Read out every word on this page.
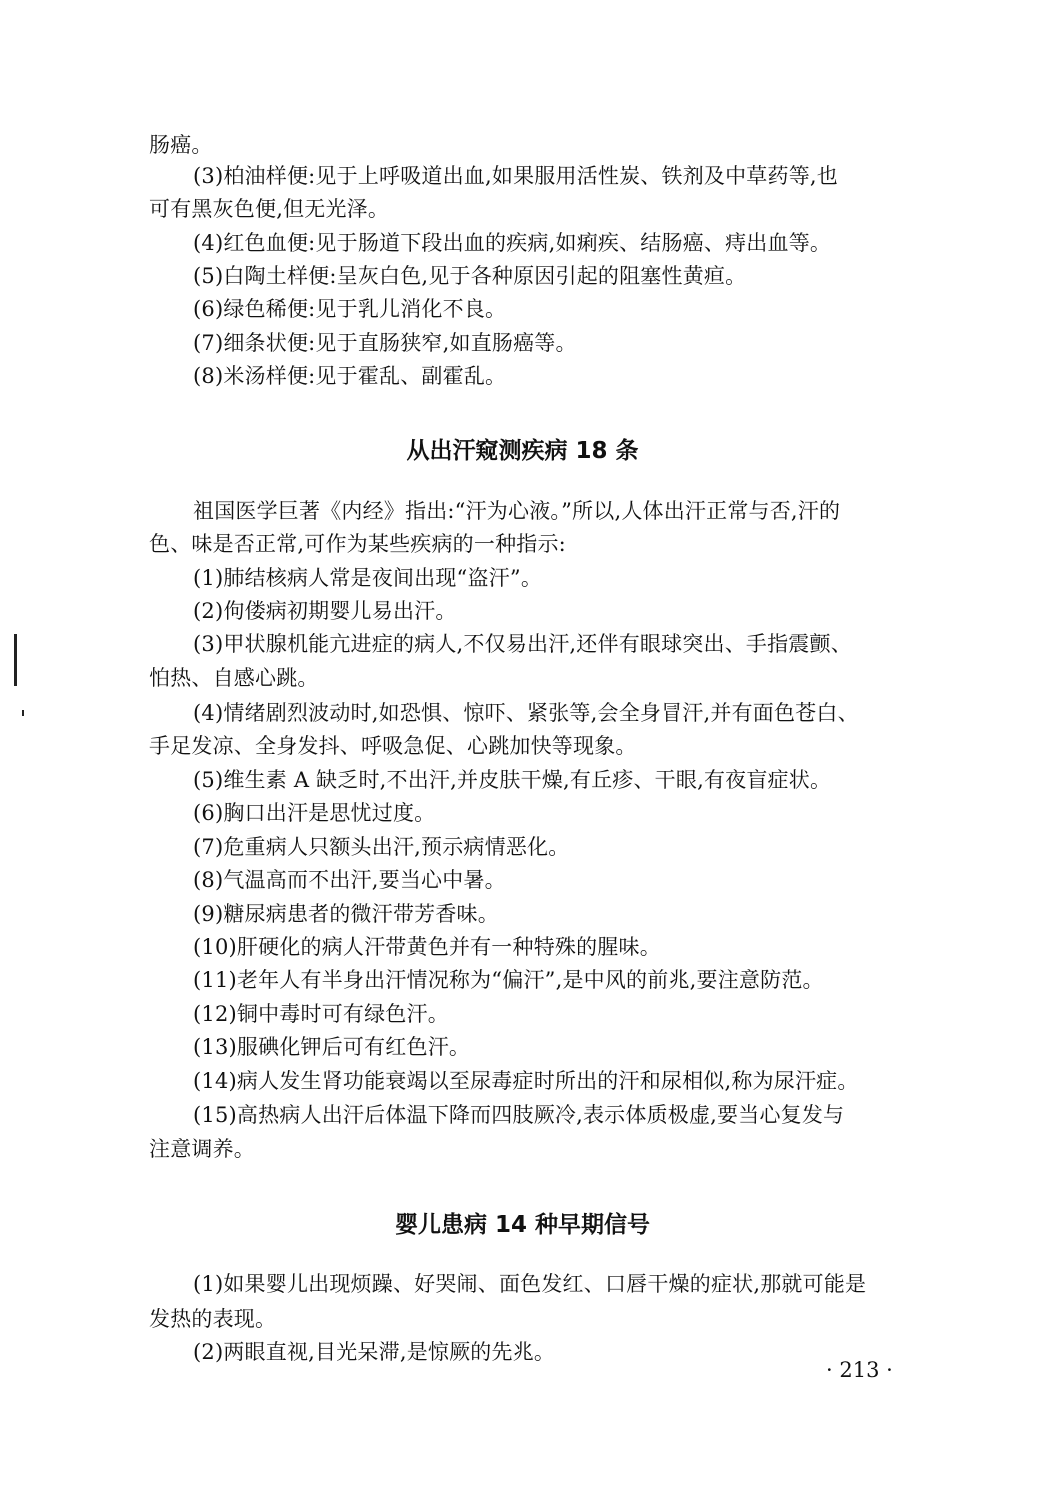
肠癌。
(3)柏油样便:见于上呼吸道出血,如果服用活性炭、铁剂及中草药等,也
可有黑灰色便,但无光泽。
(4)红色血便:见于肠道下段出血的疾病,如痢疾、结肠癌、痔出血等。
(5)白陶土样便:呈灰白色,见于各种原因引起的阻塞性黄疸。
(6)绿色稀便:见于乳儿消化不良。
(7)细条状便:见于直肠狭窄,如直肠癌等。
(8)米汤样便:见于霍乱、副霍乱。
从出汗窥测疾病 18 条
祖国医学巨著《内经》指出:“汗为心液。”所以,人体出汗正常与否,汗的
色、味是否正常,可作为某些疾病的一种指示:
(1)肺结核病人常是夜间出现“盗汗”。
(2)佝偻病初期婴儿易出汗。
(3)甲状腺机能亢进症的病人,不仅易出汗,还伴有眼球突出、手指震颤、
怕热、自感心跳。
(4)情绪剧烈波动时,如恐惧、惊吓、紧张等,会全身冒汗,并有面色苍白、
手足发凉、全身发抖、呼吸急促、心跳加快等现象。
(5)维生素 A 缺乏时,不出汗,并皮肤干燥,有丘疹、干眼,有夜盲症状。
(6)胸口出汗是思忧过度。
(7)危重病人只额头出汗,预示病情恶化。
(8)气温高而不出汗,要当心中暑。
(9)糖尿病患者的微汗带芳香味。
(10)肝硬化的病人汗带黄色并有一种特殊的腥味。
(11)老年人有半身出汗情况称为“偏汗”,是中风的前兆,要注意防范。
(12)铜中毒时可有绿色汗。
(13)服碘化钾后可有红色汗。
(14)病人发生肾功能衰竭以至尿毒症时所出的汗和尿相似,称为尿汗症。
(15)高热病人出汗后体温下降而四肢厥冷,表示体质极虚,要当心复发与
注意调养。
婴儿患病 14 种早期信号
(1)如果婴儿出现烦躁、好哭闹、面色发红、口唇干燥的症状,那就可能是
发热的表现。
(2)两眼直视,目光呆滞,是惊厥的先兆。
· 213 ·
